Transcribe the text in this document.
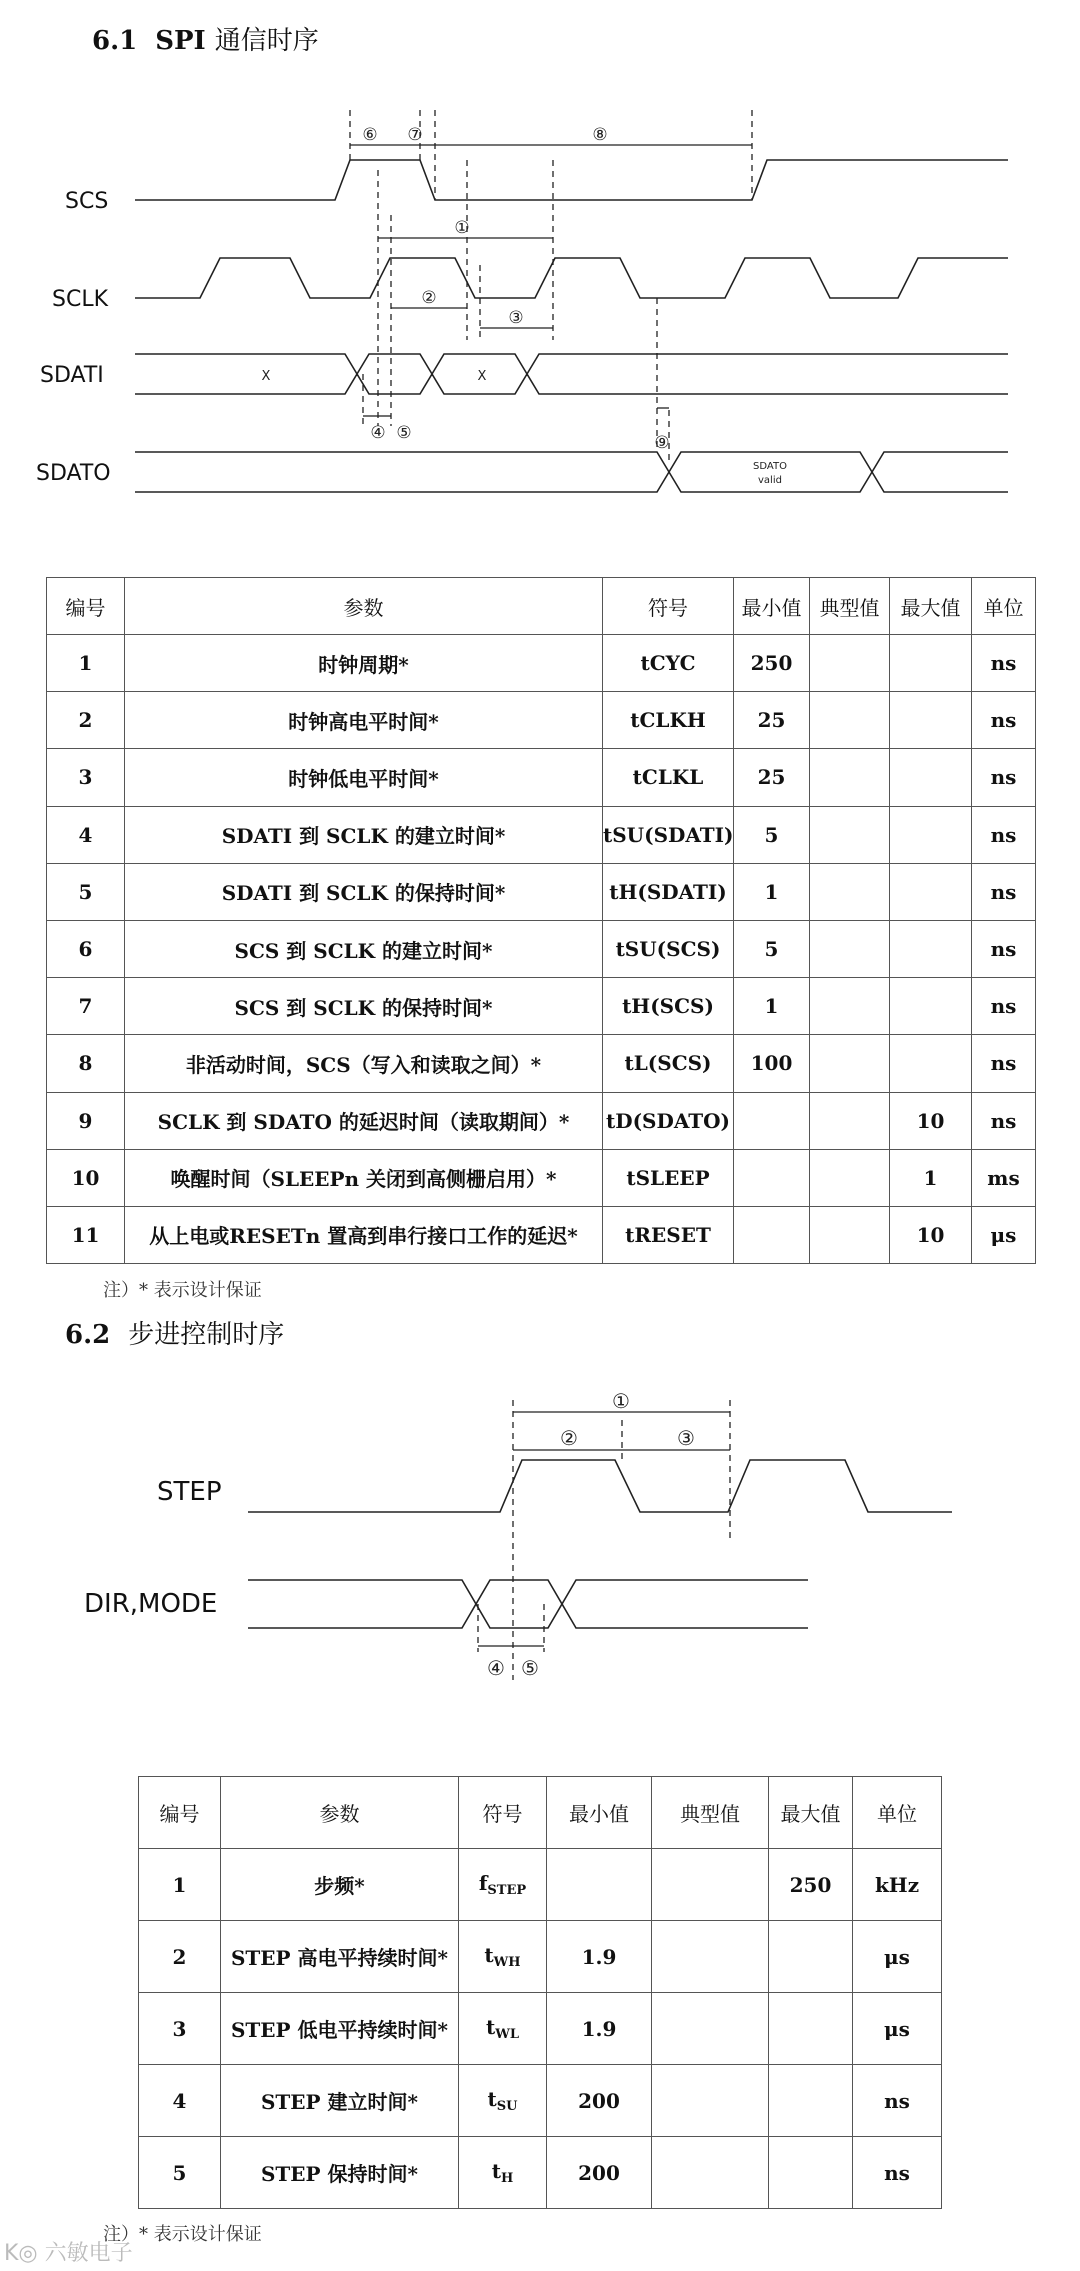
6.1 SPI 通信时序
⑥ ⑦	⑧
①
②
③
④ ⑤	⑨
SCS
SCLK
SDATI
SDATO
X	X
SDATO
valid
编号	参数	符号	最小值	典型值	最大值	单位
1	时钟周期*	tCYC	250			ns
2	时钟高电平时间*	tCLKH	25			ns
3	时钟低电平时间*	tCLKL	25			ns
4	SDATI 到 SCLK 的建立时间*	tSU(SDATI)	5			ns
5	SDATI 到 SCLK 的保持时间*	tH(SDATI)	1			ns
6	SCS 到 SCLK 的建立时间*	tSU(SCS)	5			ns
7	SCS 到 SCLK 的保持时间*	tH(SCS)	1			ns
8	非活动时间，SCS（写入和读取之间）*	tL(SCS)	100			ns
9	SCLK 到 SDATO 的延迟时间（读取期间）*	tD(SDATO)			10	ns
10	唤醒时间（SLEEPn 关闭到高侧栅启用）*	tSLEEP			1	ms
11	从上电或RESETn 置高到串行接口工作的延迟*	tRESET			10	μs
注）* 表示设计保证
6.2 步进控制时序
①
②	③
④ ⑤
STEP
DIR,MODE
编号	参数	符号	最小值	典型值	最大值	单位
1	步频*	$f_{STEP}$			250	kHz
2	STEP 高电平持续时间*	$t_{WH}$	1.9			μs
3	STEP 低电平持续时间*	$t_{WL}$	1.9			μs
4	STEP 建立时间*	$t_{SU}$	200			ns
5	STEP 保持时间*	$t_H$	200			ns
注）* 表示设计保证
K◎ 六敏电子
